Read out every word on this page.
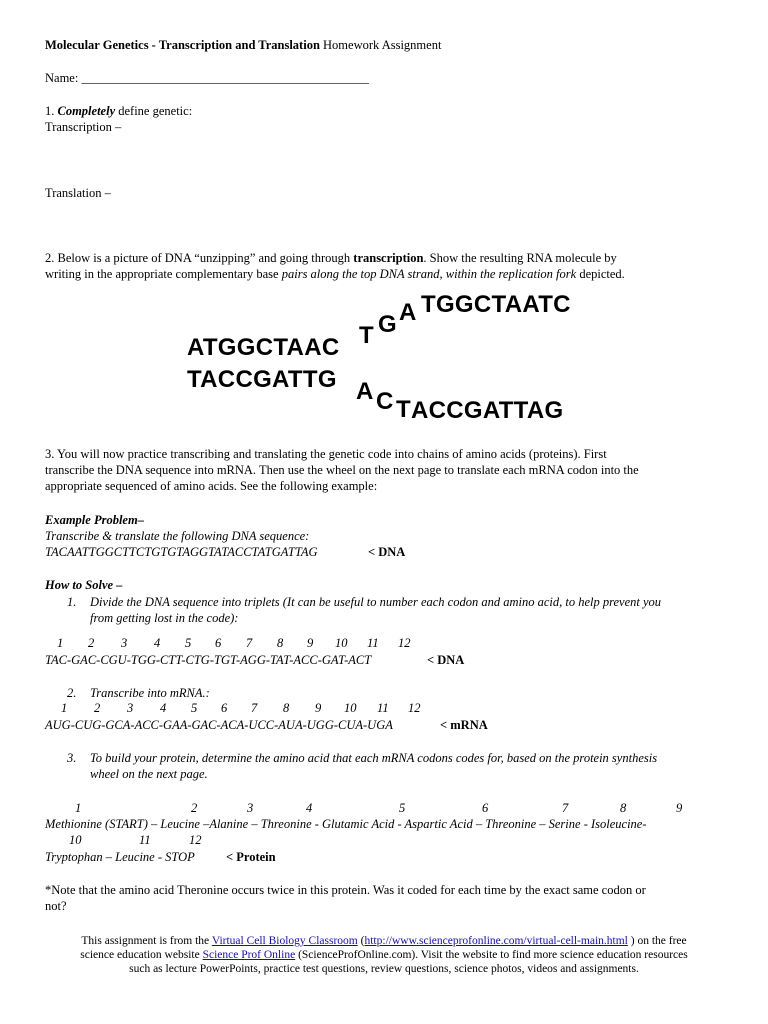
Molecular Genetics - Transcription and Translation Homework Assignment
Name: ______________________________________________
1. Completely define genetic:
Transcription –
Translation –
2. Below is a picture of DNA “unzipping” and going through transcription. Show the resulting RNA molecule by
writing in the appropriate complementary base pairs along the top DNA strand, within the replication fork depicted.
TGGCTAATC
A
G
T
ATGGCTAAC
TACCGATTG A C T ACCGATTAG
3. You will now practice transcribing and translating the genetic code into chains of amino acids (proteins). First
transcribe the DNA sequence into mRNA. Then use the wheel on the next page to translate each mRNA codon into the
appropriate sequenced of amino acids. See the following example:
Example Problem–
Transcribe & translate the following DNA sequence:
TACAATTGGCTTCTGTGTAGGTATACCTATGATTAG	< DNA
How to Solve –
1. Divide the DNA sequence into triplets (It can be useful to number each codon and amino acid, to help prevent you
from getting lost in the code):
1 2 3 4 5 6 7 8 9 10 11 12
TAC-GAC-CGU-TGG-CTT-CTG-TGT-AGG-TAT-ACC-GAT-ACT	< DNA
2. Transcribe into mRNA.:
1 2 3 4 5 6 7 8 9 10 11 12
AUG-CUG-GCA-ACC-GAA-GAC-ACA-UCC-AUA-UGG-CUA-UGA	< mRNA
3. To build your protein, determine the amino acid that each mRNA codons codes for, based on the protein synthesis
wheel on the next page.
1	2	3	4	5	6	7	8	9
Methionine (START) – Leucine –Alanine – Threonine - Glutamic Acid - Aspartic Acid – Threonine – Serine - Isoleucine-
10	11	12
Tryptophan – Leucine - STOP < Protein
*Note that the amino acid Theronine occurs twice in this protein. Was it coded for each time by the exact same codon or
not?
This assignment is from the Virtual Cell Biology Classroom (http://www.scienceprofonline.com/virtual-cell-main.html ) on the free
science education website Science Prof Online (ScienceProfOnline.com). Visit the website to find more science education resources
such as lecture PowerPoints, practice test questions, review questions, science photos, videos and assignments.
